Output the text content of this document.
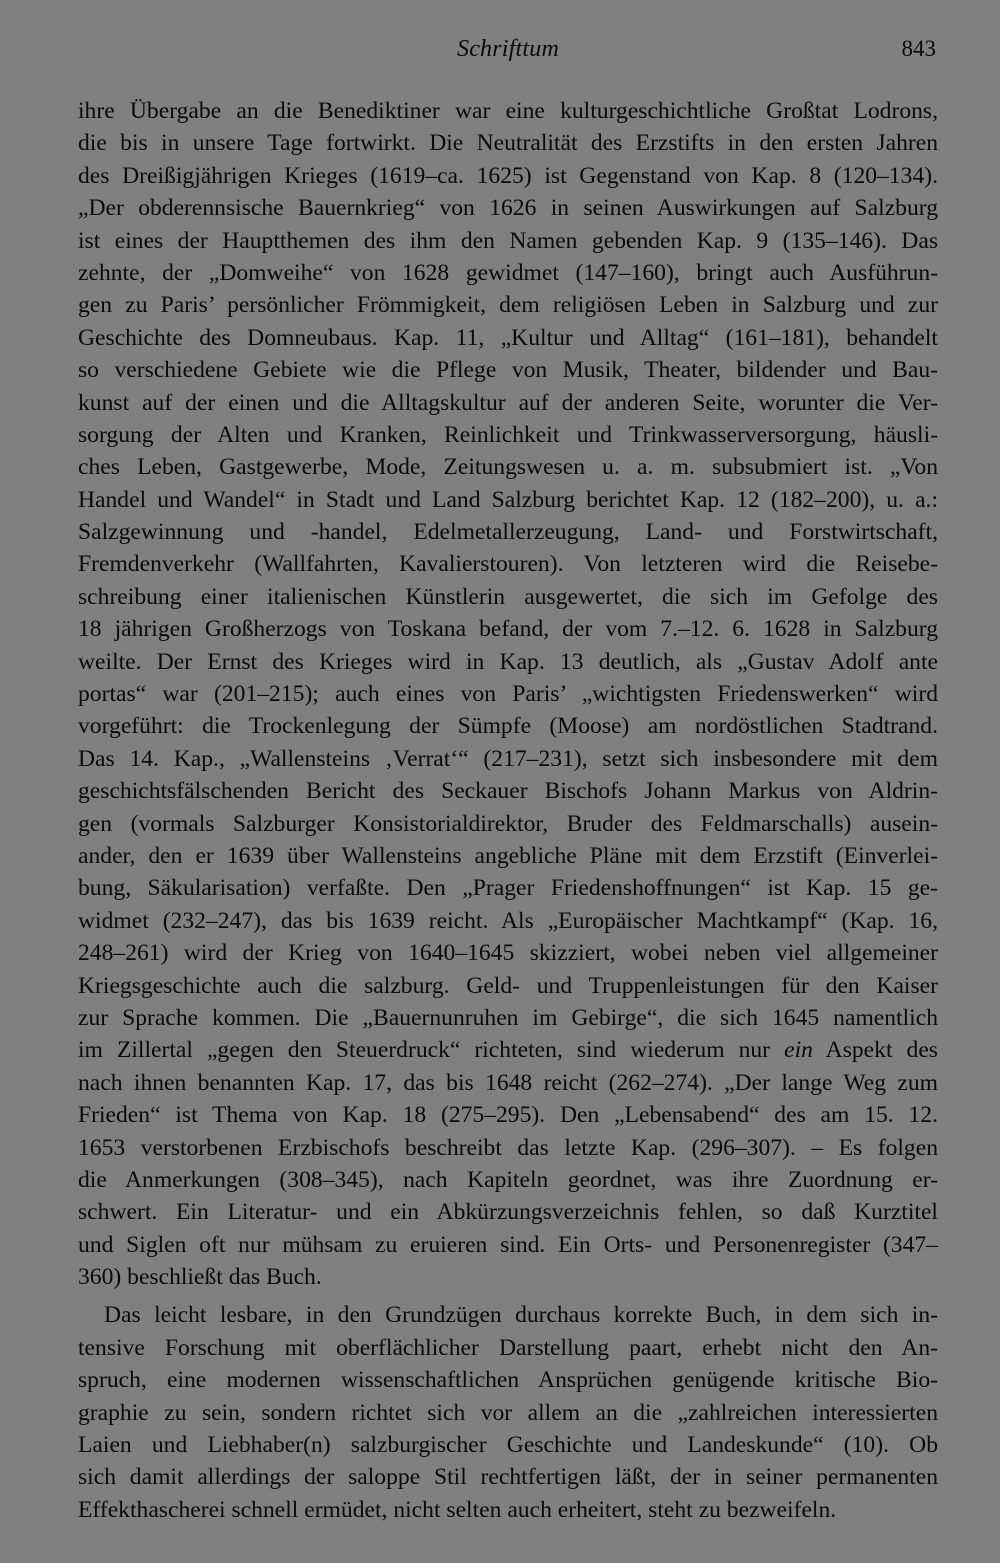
Schrifttum	843
ihre Übergabe an die Benediktiner war eine kulturgeschichtliche Großtat Lodrons,
die bis in unsere Tage fortwirkt. Die Neutralität des Erzstifts in den ersten Jahren
des Dreißigjährigen Krieges (1619–ca. 1625) ist Gegenstand von Kap. 8 (120–134).
„Der obderennsische Bauernkrieg“ von 1626 in seinen Auswirkungen auf Salzburg
ist eines der Hauptthemen des ihm den Namen gebenden Kap. 9 (135–146). Das
zehnte, der „Domweihe“ von 1628 gewidmet (147–160), bringt auch Ausführun-
gen zu Paris’ persönlicher Frömmigkeit, dem religiösen Leben in Salzburg und zur
Geschichte des Domneubaus. Kap. 11, „Kultur und Alltag“ (161–181), behandelt
so verschiedene Gebiete wie die Pflege von Musik, Theater, bildender und Bau-
kunst auf der einen und die Alltagskultur auf der anderen Seite, worunter die Ver-
sorgung der Alten und Kranken, Reinlichkeit und Trinkwasserversorgung, häusli-
ches Leben, Gastgewerbe, Mode, Zeitungswesen u. a. m. subsubmiert ist. „Von
Handel und Wandel“ in Stadt und Land Salzburg berichtet Kap. 12 (182–200), u. a.:
Salzgewinnung und -handel, Edelmetallerzeugung, Land- und Forstwirtschaft,
Fremdenverkehr (Wallfahrten, Kavalierstouren). Von letzteren wird die Reisebe-
schreibung einer italienischen Künstlerin ausgewertet, die sich im Gefolge des
18 jährigen Großherzogs von Toskana befand, der vom 7.–12. 6. 1628 in Salzburg
weilte. Der Ernst des Krieges wird in Kap. 13 deutlich, als „Gustav Adolf ante
portas“ war (201–215); auch eines von Paris’ „wichtigsten Friedenswerken“ wird
vorgeführt: die Trockenlegung der Sümpfe (Moose) am nordöstlichen Stadtrand.
Das 14. Kap., „Wallensteins ‚Verrat‘“ (217–231), setzt sich insbesondere mit dem
geschichtsfälschenden Bericht des Seckauer Bischofs Johann Markus von Aldrin-
gen (vormals Salzburger Konsistorialdirektor, Bruder des Feldmarschalls) ausein-
ander, den er 1639 über Wallensteins angebliche Pläne mit dem Erzstift (Einverlei-
bung, Säkularisation) verfaßte. Den „Prager Friedenshoffnungen“ ist Kap. 15 ge-
widmet (232–247), das bis 1639 reicht. Als „Europäischer Machtkampf“ (Kap. 16,
248–261) wird der Krieg von 1640–1645 skizziert, wobei neben viel allgemeiner
Kriegsgeschichte auch die salzburg. Geld- und Truppenleistungen für den Kaiser
zur Sprache kommen. Die „Bauernunruhen im Gebirge“, die sich 1645 namentlich
im Zillertal „gegen den Steuerdruck“ richteten, sind wiederum nur ein Aspekt des
nach ihnen benannten Kap. 17, das bis 1648 reicht (262–274). „Der lange Weg zum
Frieden“ ist Thema von Kap. 18 (275–295). Den „Lebensabend“ des am 15. 12.
1653 verstorbenen Erzbischofs beschreibt das letzte Kap. (296–307). – Es folgen
die Anmerkungen (308–345), nach Kapiteln geordnet, was ihre Zuordnung er-
schwert. Ein Literatur- und ein Abkürzungsverzeichnis fehlen, so daß Kurztitel
und Siglen oft nur mühsam zu eruieren sind. Ein Orts- und Personenregister (347–
360) beschließt das Buch.
Das leicht lesbare, in den Grundzügen durchaus korrekte Buch, in dem sich in-
tensive Forschung mit oberflächlicher Darstellung paart, erhebt nicht den An-
spruch, eine modernen wissenschaftlichen Ansprüchen genügende kritische Bio-
graphie zu sein, sondern richtet sich vor allem an die „zahlreichen interessierten
Laien und Liebhaber(n) salzburgischer Geschichte und Landeskunde“ (10). Ob
sich damit allerdings der saloppe Stil rechtfertigen läßt, der in seiner permanenten
Effekthascherei schnell ermüdet, nicht selten auch erheitert, steht zu bezweifeln.
